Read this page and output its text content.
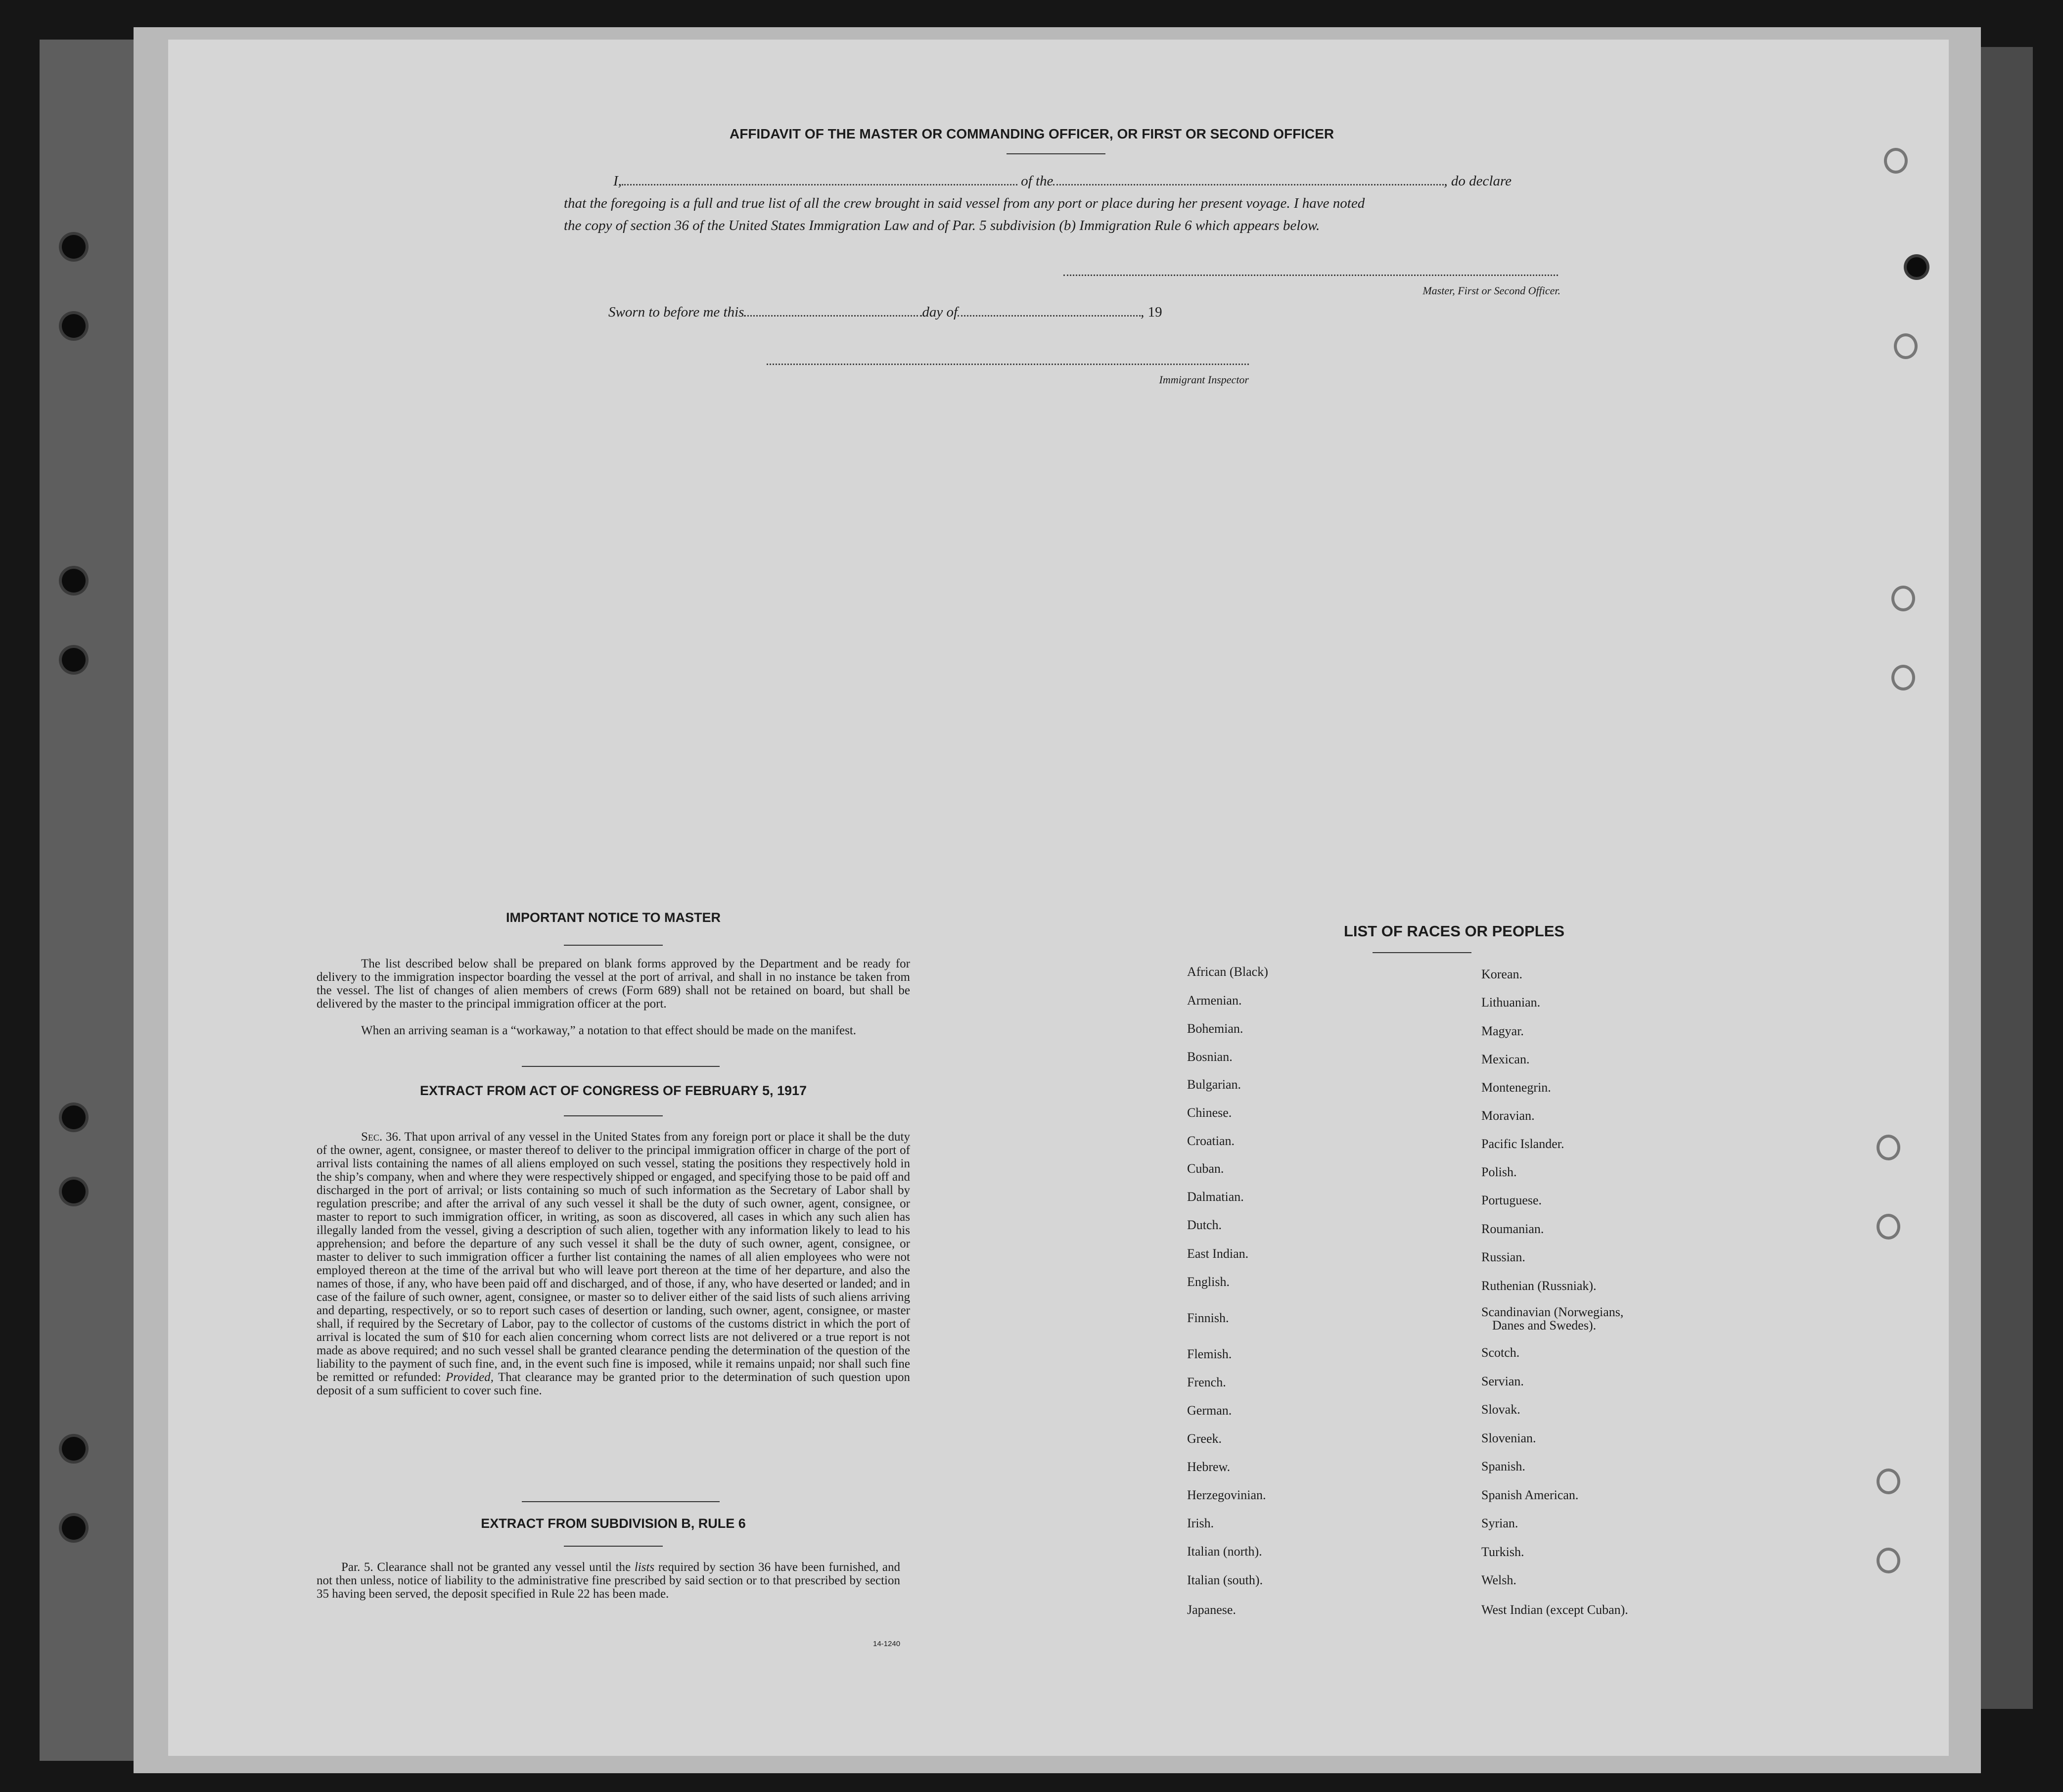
AFFIDAVIT OF THE MASTER OR COMMANDING OFFICER, OR FIRST OR SECOND OFFICER
I,	of the	, do declare
that the foregoing is a full and true list of all the crew brought in said vessel from any port or place during her present voyage. I have noted
the copy of section 36 of the United States Immigration Law and of Par. 5 subdivision (b) Immigration Rule 6 which appears below.
Master, First or Second Officer.
Sworn to before me this	day of	, 19
Immigrant Inspector
IMPORTANT NOTICE TO MASTER
The list described below shall be prepared on blank forms approved by the Department and be ready for delivery to the immigration inspector boarding the vessel at the port of arrival, and shall in no instance be taken from the vessel. The list of changes of alien members of crews (Form 689) shall not be retained on board, but shall be delivered by the master to the principal immigration officer at the port.
When an arriving seaman is a “workaway,” a notation to that effect should be made on the manifest.
EXTRACT FROM ACT OF CONGRESS OF FEBRUARY 5, 1917
Sec. 36. That upon arrival of any vessel in the United States from any foreign port or place it shall be the duty of the owner, agent, consignee, or master thereof to deliver to the principal immigration officer in charge of the port of arrival lists containing the names of all aliens employed on such vessel, stating the positions they respectively hold in the ship’s company, when and where they were respectively shipped or engaged, and specifying those to be paid off and discharged in the port of arrival; or lists containing so much of such information as the Secretary of Labor shall by regulation prescribe; and after the arrival of any such vessel it shall be the duty of such owner, agent, consignee, or master to report to such immigration officer, in writing, as soon as discovered, all cases in which any such alien has illegally landed from the vessel, giving a description of such alien, together with any information likely to lead to his apprehension; and before the departure of any such vessel it shall be the duty of such owner, agent, consignee, or master to deliver to such immigration officer a further list containing the names of all alien employees who were not employed thereon at the time of the arrival but who will leave port thereon at the time of her departure, and also the names of those, if any, who have been paid off and discharged, and of those, if any, who have deserted or landed; and in case of the failure of such owner, agent, consignee, or master so to deliver either of the said lists of such aliens arriving and departing, respectively, or so to report such cases of desertion or landing, such owner, agent, consignee, or master shall, if required by the Secretary of Labor, pay to the collector of customs of the customs district in which the port of arrival is located the sum of $10 for each alien concerning whom correct lists are not delivered or a true report is not made as above required; and no such vessel shall be granted clearance pending the determination of the question of the liability to the payment of such fine, and, in the event such fine is imposed, while it remains unpaid; nor shall such fine be remitted or refunded: Provided, That clearance may be granted prior to the determination of such question upon deposit of a sum sufficient to cover such fine.
EXTRACT FROM SUBDIVISION B, RULE 6
Par. 5. Clearance shall not be granted any vessel until the lists required by section 36 have been furnished, and not then unless, notice of liability to the administrative fine prescribed by said section or to that prescribed by section 35 having been served, the deposit specified in Rule 22 has been made.
14-1240
LIST OF RACES OR PEOPLES
African (Black)
Armenian.
Bohemian.
Bosnian.
Bulgarian.
Chinese.
Croatian.
Cuban.
Dalmatian.
Dutch.
East Indian.
English.
Finnish.
Flemish.
French.
German.
Greek.
Hebrew.
Herzegovinian.
Irish.
Italian (north).
Italian (south).
Japanese.
Korean.
Lithuanian.
Magyar.
Mexican.
Montenegrin.
Moravian.
Pacific Islander.
Polish.
Portuguese.
Roumanian.
Russian.
Ruthenian (Russniak).
Scandinavian (Norwegians,
Danes and Swedes).
Scotch.
Servian.
Slovak.
Slovenian.
Spanish.
Spanish American.
Syrian.
Turkish.
Welsh.
West Indian (except Cuban).
